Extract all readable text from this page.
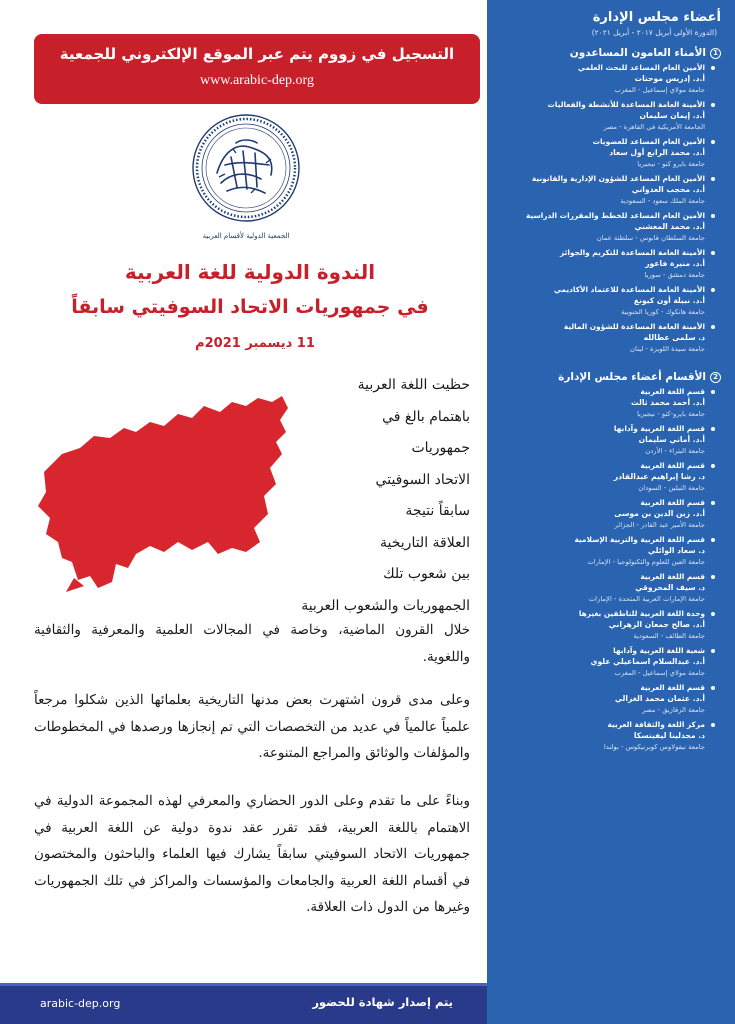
أعضاء مجلس الإدارة
(الدورة الأولى أبريل ٢٠١٧ - أبريل ٢٠٢١)
1
الأمناء العامون المساعدون
الأمين العام المساعد للبحث العلمي
أ.د. إدريس موحتات
جامعة مولاي إسماعيل - المغرب
الأمينة العامة المساعدة للأنشطة والفعاليات
أ.د. إيمان سليمان
الجامعة الأمريكية في القاهرة - مصر
الأمين العام المساعد للعضويات
أ.د. محمد الرابع أول سعاد
جامعة بايرو كنو - نيجيريا
الأمين العام المساعد للشؤون الإدارية والقانونية
أ.د. محجب العدواني
جامعة الملك سعود - السعودية
الأمين العام المساعد للخطط والمقررات الدراسية
أ.د. محمد المعشني
جامعة السلطان قابوس - سلطنة عمان
الأمينة العامة المساعدة للتكريم والجوائز
أ.د. منيرة فاعور
جامعة دمشق - سوريا
الأمينة العامة المساعدة للاعتماد الأكاديمي
أ.د. نبيلة أون كيونغ
جامعة هانكوك - كوريا الجنوبية
الأمينة العامة المساعدة للشؤون المالية
د. سلمى عطالله
جامعة سيدة اللويزة - لبنان
2
الأقسام أعضاء مجلس الإدارة
قسم اللغة العربية
أ.د. أحمد محمد ثالث
جامعة بايرو-كنو - نيجيريا
قسم اللغة العربية وآدابها
أ.د. أماني سليمان
جامعة البتراء - الأردن
قسم اللغة العربية
د. رشا إبراهيم عبدالقادر
جامعة النيلين - السودان
قسم اللغة العربية
أ.د. زين الدين بن موسى
جامعة الأمير عبد القادر - الجزائر
قسم اللغة العربية والتربية الإسلامية
د. سعاد الوائلي
جامعة العين للعلوم والتكنولوجيا - الإمارات
قسم اللغة العربية
د. سيف المحروقي
جامعة الإمارات العربية المتحدة - الإمارات
وحدة اللغة العربية للناطقين بغيرها
أ.د. صالح جمعان الزهراني
جامعة الطائف - السعودية
شعبة اللغة العربية وآدابها
أ.د. عبدالسلام اسماعيلي علوي
جامعة مولاي إسماعيل - المغرب
قسم اللغة العربية
أ.د. عثمان محمد الغزالي
جامعة الزقازيق - مصر
مركز اللغة والثقافة العربية
د. مجدلينا ليفيتسكا
جامعة نيقولاوس كوبرنيكوس - بولندا
التسجيل في زووم يتم عبر الموقع الإلكتروني للجمعية
www.arabic-dep.org
الجمعية الدولية لأقسام العربية
الندوة الدولية للغة العربية
في جمهوريات الاتحاد السوفيتي سابقاً
11 ديسمبر 2021م
حظيت اللغة العربية
باهتمام بالغ في
جمهوريات
الاتحاد السوفيتي
سابقاً نتيجة
العلاقة التاريخية
بين شعوب تلك
الجمهوريات والشعوب العربية

خلال القرون الماضية، وخاصة في المجالات العلمية والمعرفية والثقافية واللغوية.

وعلى مدى قرون اشتهرت بعض مدنها التاريخية بعلمائها الذين شكلوا مرجعاً علمياً عالمياً في عديد من التخصصات التي تم إنجازها ورصدها في المخطوطات والمؤلفات والوثائق والمراجع المتنوعة.

وبناءً على ما تقدم وعلى الدور الحضاري والمعرفي لهذه المجموعة الدولية في الاهتمام باللغة العربية، فقد تقرر عقد ندوة دولية عن اللغة العربية في جمهوريات الاتحاد السوفيتي سابقاً يشارك فيها العلماء والباحثون والمختصون في أقسام اللغة العربية والجامعات والمؤسسات والمراكز في تلك الجمهوريات وغيرها من الدول ذات العلاقة.

arabic-dep.org	يتم إصدار شهادة للحضور
